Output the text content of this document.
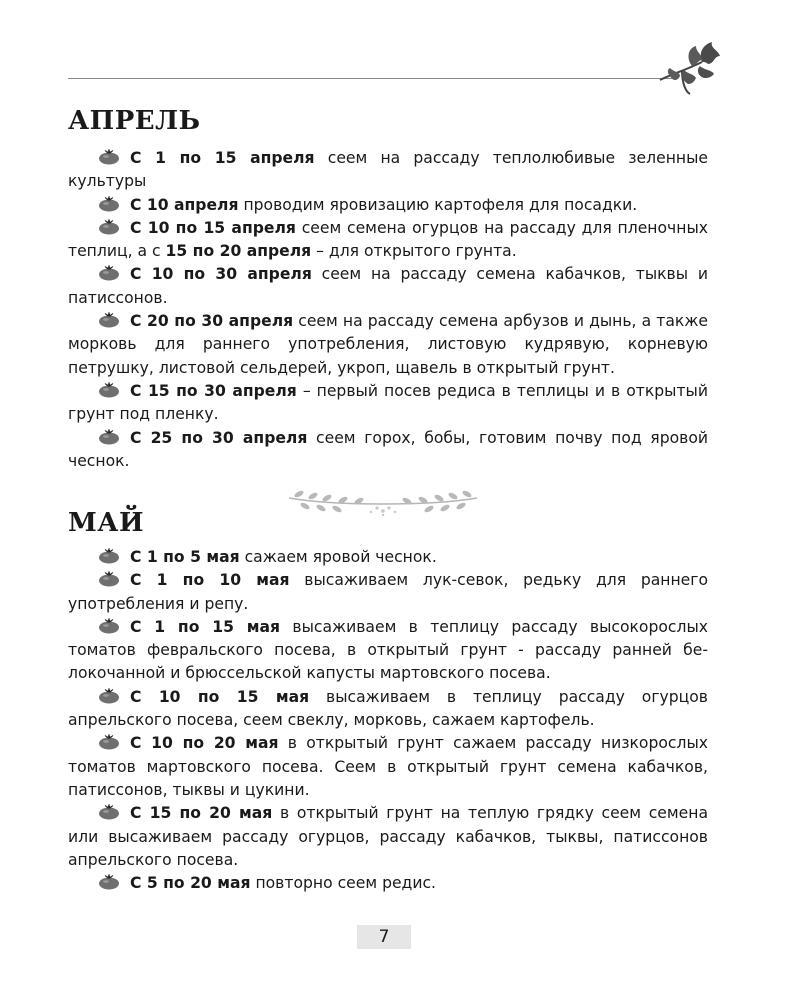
АПРЕЛЬ

С 1 по 15 апреля сеем на рассаду теплолюбивые зеленные культуры

С 10 апреля проводим яровизацию картофеля для посадки.

С 10 по 15 апреля сеем семена огурцов на рассаду для пленочных теплиц, а с 15 по 20 апреля – для открытого грунта.

С 10 по 30 апреля сеем на рассаду семена кабачков, тыквы и патиссонов.

С 20 по 30 апреля сеем на рассаду семена арбузов и дынь, а также морковь для раннего употребления, листовую кудрявую, корневую петрушку, листовой сельдерей, укроп, щавель в открытый грунт.

С 15 по 30 апреля – первый посев редиса в теплицы и в открытый грунт под пленку.

С 25 по 30 апреля сеем горох, бобы, готовим почву под яровой чеснок.

МАЙ

С 1 по 5 мая сажаем яровой чеснок.

С 1 по 10 мая высаживаем лук-севок, редьку для раннего употребления и репу.

С 1 по 15 мая высаживаем в теплицу рассаду высокорослых томатов февральского посева, в открытый грунт - рассаду ранней белокочанной и брюссельской капусты мартовского посева.

С 10 по 15 мая высаживаем в теплицу рассаду огурцов апрельского посева, сеем свеклу, морковь, сажаем картофель.

С 10 по 20 мая в открытый грунт сажаем рассаду низкорослых томатов мартовского посева. Сеем в открытый грунт семена кабачков, патиссонов, тыквы и цукини.

С 15 по 20 мая в открытый грунт на теплую грядку сеем семена или высаживаем рассаду огурцов, рассаду кабачков, тыквы, патиссонов апрельского посева.

С 5 по 20 мая повторно сеем редис.

7
